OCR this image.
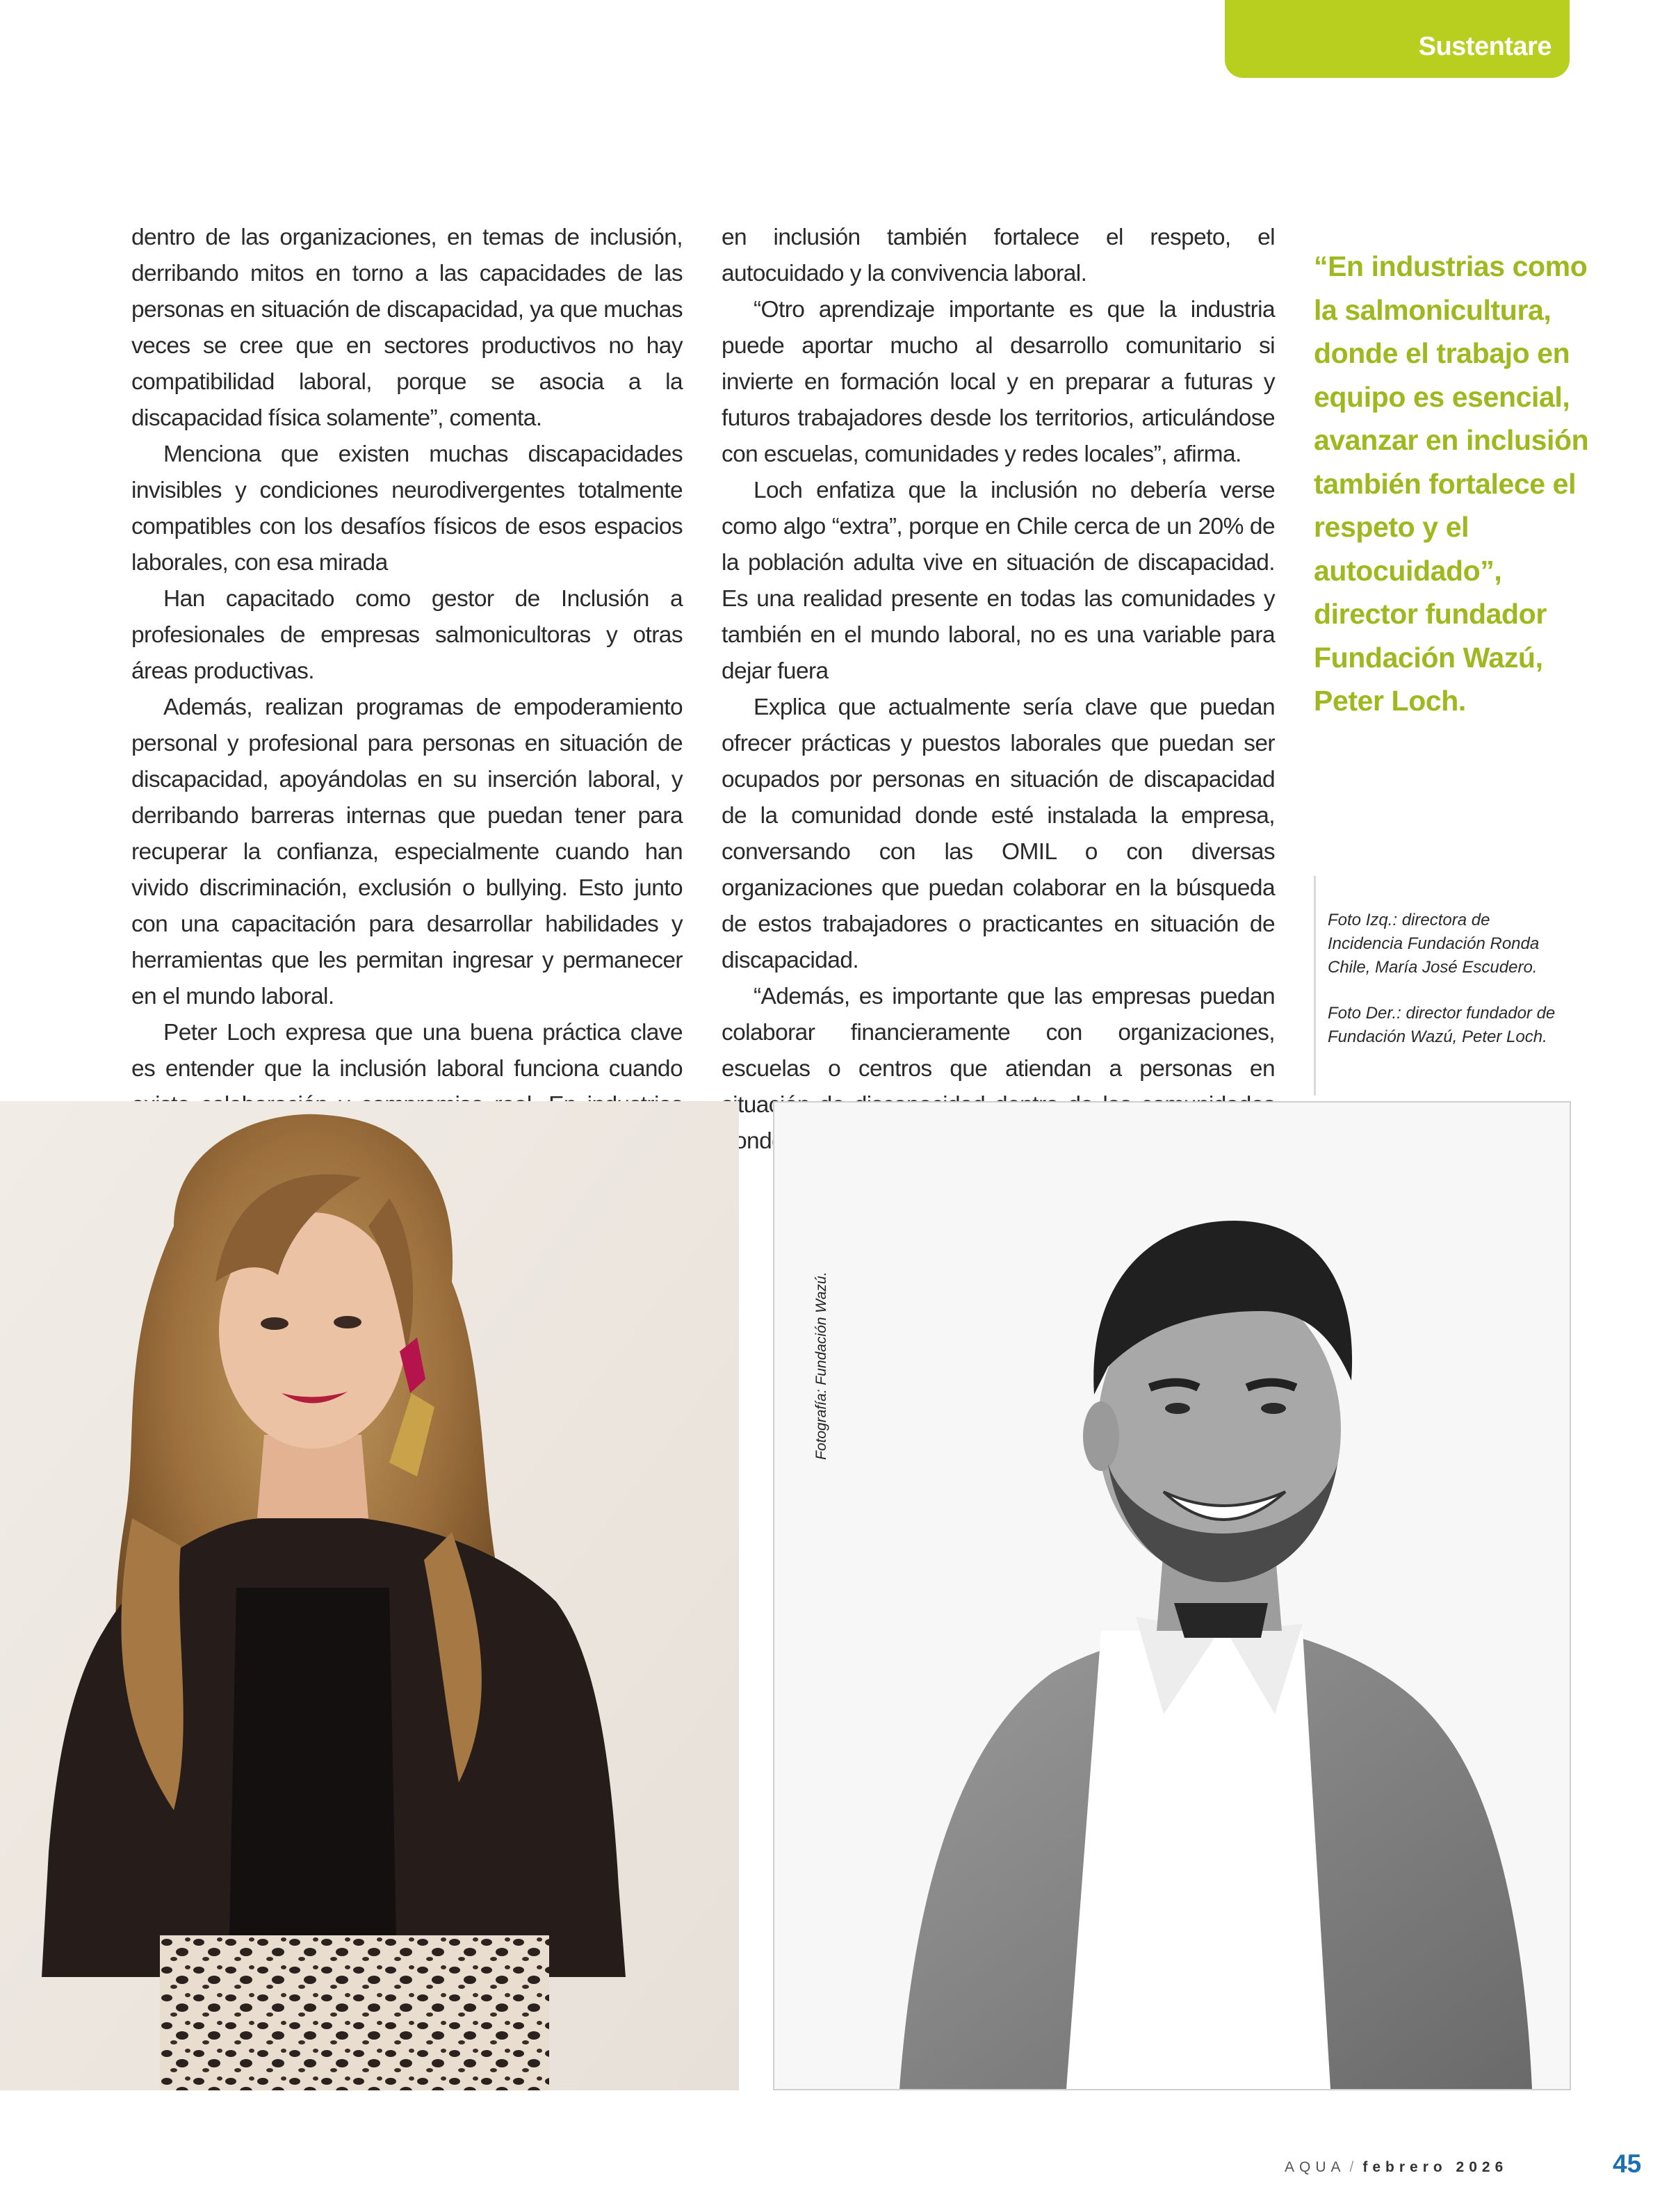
Sustentare

dentro de las organizaciones, en temas de inclusión, derribando mitos en torno a las capacidades de las personas en situación de discapacidad, ya que muchas veces se cree que en sectores productivos no hay compatibilidad laboral, porque se asocia a la discapacidad física solamente”, comenta.

Menciona que existen muchas discapacidades invisibles y condiciones neurodivergentes totalmente compatibles con los desafíos físicos de esos espacios laborales, con esa mirada

Han capacitado como gestor de Inclusión a profesionales de empresas salmonicultoras y otras áreas productivas.

Además, realizan programas de empoderamiento personal y profesional para personas en situación de discapacidad, apoyándolas en su inserción laboral, y derribando barreras internas que puedan tener para recuperar la confianza, especialmente cuando han vivido discriminación, exclusión o bullying. Esto junto con una capacitación para desarrollar habilidades y herramientas que les permitan ingresar y permanecer en el mundo laboral.

Peter Loch expresa que una buena práctica clave es entender que la inclusión laboral funciona cuando

en inclusión también fortalece el respeto, el autocuidado y la convivencia laboral.

“Otro aprendizaje importante es que la industria puede aportar mucho al desarrollo comunitario si invierte en formación local y en preparar a futuras y futuros trabajadores desde los territorios, articulándose con escuelas, comunidades y redes locales”, afirma.

Loch enfatiza que la inclusión no debería verse como algo “extra”, porque en Chile cerca de un 20% de la población adulta vive en situación de discapacidad. Es una realidad presente en todas las comunidades y también en el mundo laboral, no es una variable para dejar fuera

Explica que actualmente sería clave que puedan ofrecer prácticas y puestos laborales que puedan ser ocupados por personas en situación de discapacidad de la comunidad donde esté instalada la empresa, conversando con las OMIL o con diversas organizaciones que puedan colaborar en la búsqueda de estos trabajadores o practicantes en situación de discapacidad.

“Además, es importante que las empresas puedan colaborar financieramente con organizaciones, escuelas o centros que atiendan a personas en situación donde

“En industrias como la salmonicultura, donde el trabajo en equipo es esencial, avanzar en inclusión también fortalece el respeto y el autocuidado”, director fundador Fundación Wazú, Peter Loch.

Foto Izq.: directora de Incidencia Fundación Ronda Chile, María José Escudero.

Foto Der.: director fundador de Fundación Wazú, Peter Loch.

Fotografía: Fundación Wazú.
AQUA / febrero 2026	45
